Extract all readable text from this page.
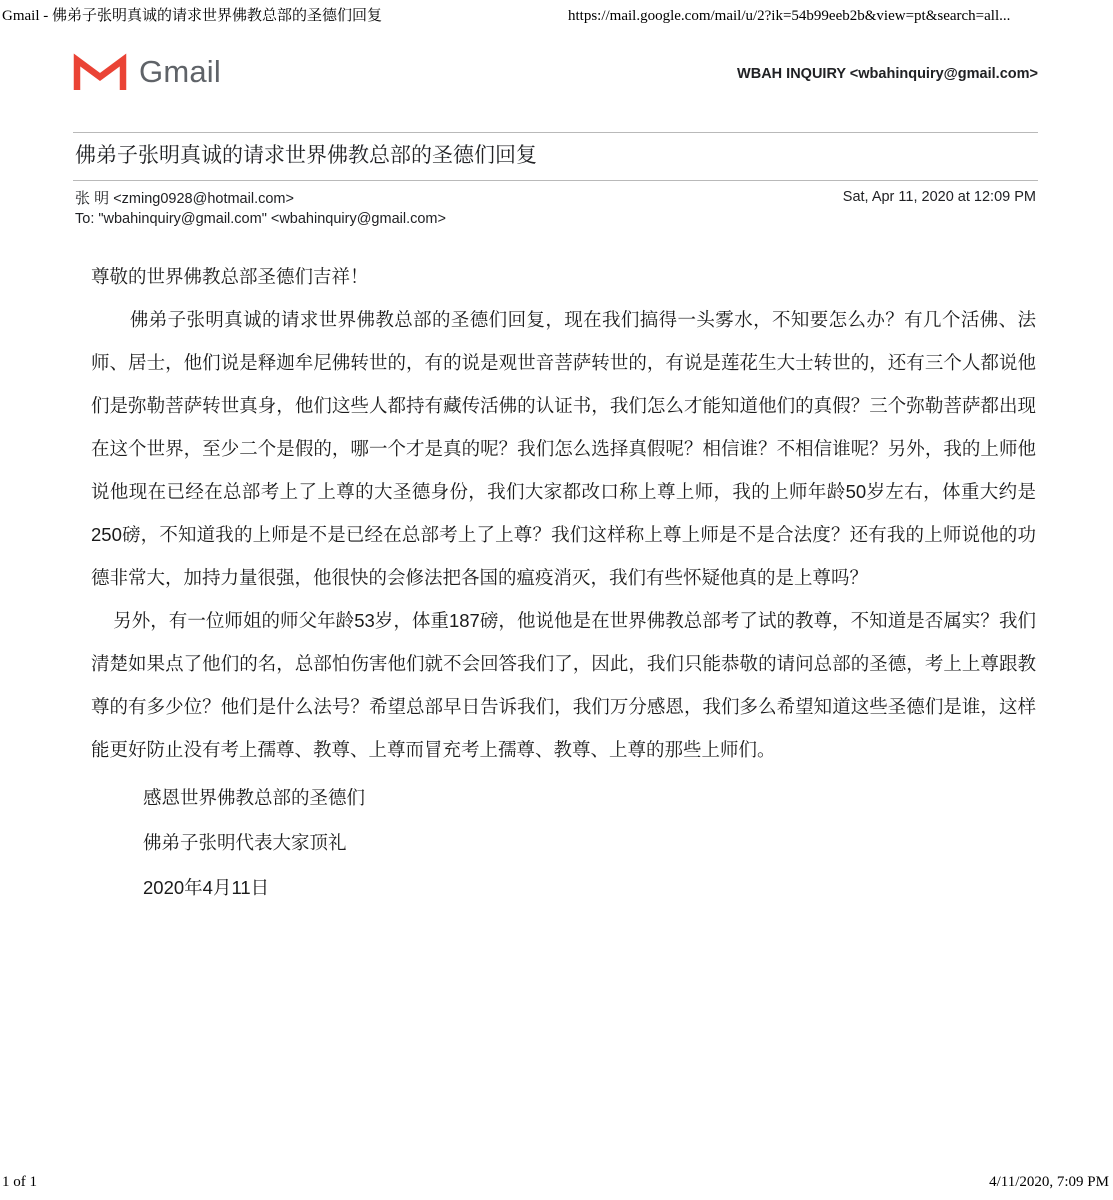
Gmail - 佛弟子张明真诚的请求世界佛教总部的圣德们回复	https://mail.google.com/mail/u/2?ik=54b99eeb2b&view=pt&search=all...
Gmail	WBAH INQUIRY <wbahinquiry@gmail.com>
佛弟子张明真诚的请求世界佛教总部的圣德们回复
张 明 <zming0928@hotmail.com>
To: "wbahinquiry@gmail.com" <wbahinquiry@gmail.com>
Sat, Apr 11, 2020 at 12:09 PM

尊敬的世界佛教总部圣德们吉祥！

佛弟子张明真诚的请求世界佛教总部的圣德们回复，现在我们搞得一头雾水，不知要怎么办？有几个活佛、法师、居士，他们说是释迦牟尼佛转世的，有的说是观世音菩萨转世的，有说是莲花生大士转世的，还有三个人都说他们是弥勒菩萨转世真身，他们这些人都持有藏传活佛的认证书，我们怎么才能知道他们的真假？三个弥勒菩萨都出现在这个世界，至少二个是假的，哪一个才是真的呢？我们怎么选择真假呢？相信谁？不相信谁呢？另外，我的上师他说他现在已经在总部考上了上尊的大圣德身份，我们大家都改口称上尊上师，我的上师年龄50岁左右，体重大约是250磅，不知道我的上师是不是已经在总部考上了上尊？我们这样称上尊上师是不是合法度？还有我的上师说他的功德非常大，加持力量很强，他很快的会修法把各国的瘟疫消灭，我们有些怀疑他真的是上尊吗？

另外，有一位师姐的师父年龄53岁，体重187磅，他说他是在世界佛教总部考了试的教尊，不知道是否属实？我们清楚如果点了他们的名，总部怕伤害他们就不会回答我们了，因此，我们只能恭敬的请问总部的圣德，考上上尊跟教尊的有多少位？他们是什么法号？希望总部早日告诉我们，我们万分感恩，我们多么希望知道这些圣德们是谁，这样能更好防止没有考上孺尊、教尊、上尊而冒充考上孺尊、教尊、上尊的那些上师们。

感恩世界佛教总部的圣德们
佛弟子张明代表大家顶礼
2020年4月11日
1 of 1	4/11/2020, 7:09 PM
